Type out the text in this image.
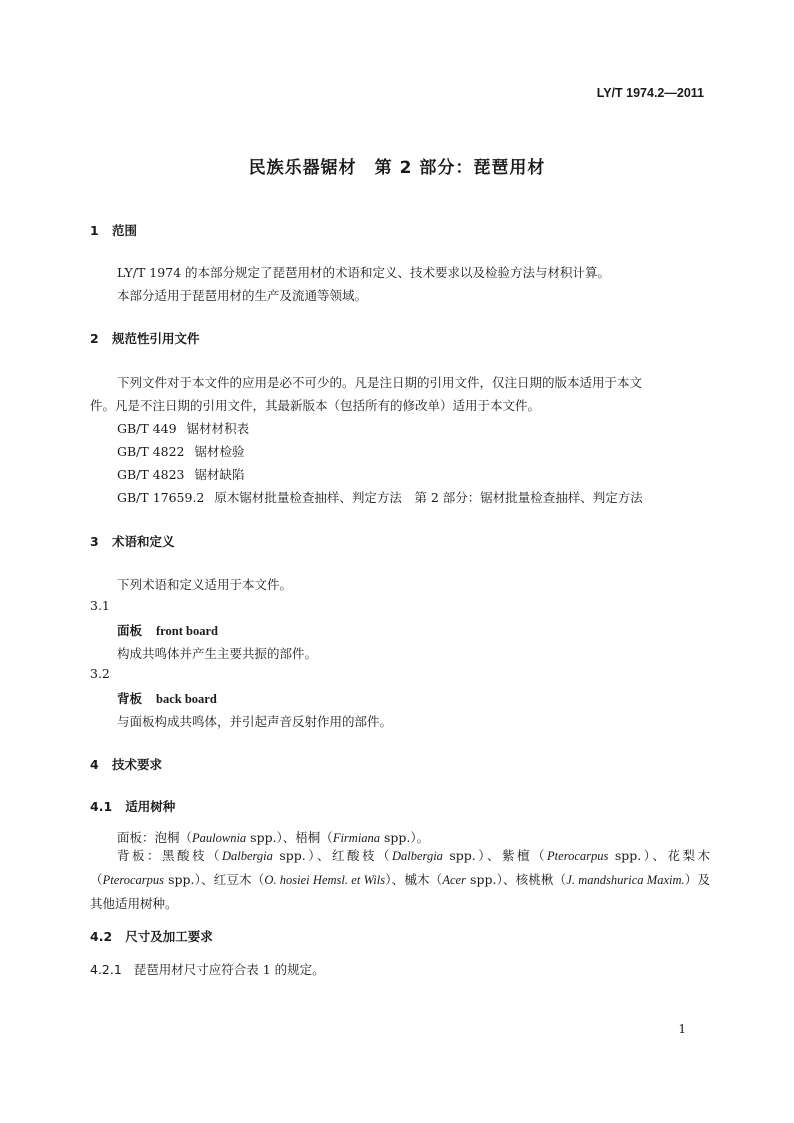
LY/T 1974.2—2011
民族乐器锯材　第 2 部分：琵琶用材
1 范围
LY/T 1974 的本部分规定了琵琶用材的术语和定义、技术要求以及检验方法与材积计算。
本部分适用于琵琶用材的生产及流通等领域。
2 规范性引用文件
下列文件对于本文件的应用是必不可少的。凡是注日期的引用文件，仅注日期的版本适用于本文
件。凡是不注日期的引用文件，其最新版本（包括所有的修改单）适用于本文件。
GB/T 449 锯材材积表
GB/T 4822 锯材检验
GB/T 4823 锯材缺陷
GB/T 17659.2 原木锯材批量检查抽样、判定方法　第 2 部分：锯材批量检查抽样、判定方法
3 术语和定义
下列术语和定义适用于本文件。
3.1
面板 front board
构成共鸣体并产生主要共振的部件。
3.2
背板 back board
与面板构成共鸣体，并引起声音反射作用的部件。
4 技术要求
4.1 适用树种
面板：泡桐（Paulownia spp.）、梧桐（Firmiana spp.）。
背板：黑酸枝（Dalbergia spp.）、红酸枝（Dalbergia spp.）、紫檀（Pterocarpus spp.）、花梨木（Pterocarpus spp.）、红豆木（O. hosiei Hemsl. et Wils）、槭木（Acer spp.）、核桃楸（J. mandshurica Maxim.）及其他适用树种。
4.2 尺寸及加工要求
4.2.1 琵琶用材尺寸应符合表 1 的规定。
1
